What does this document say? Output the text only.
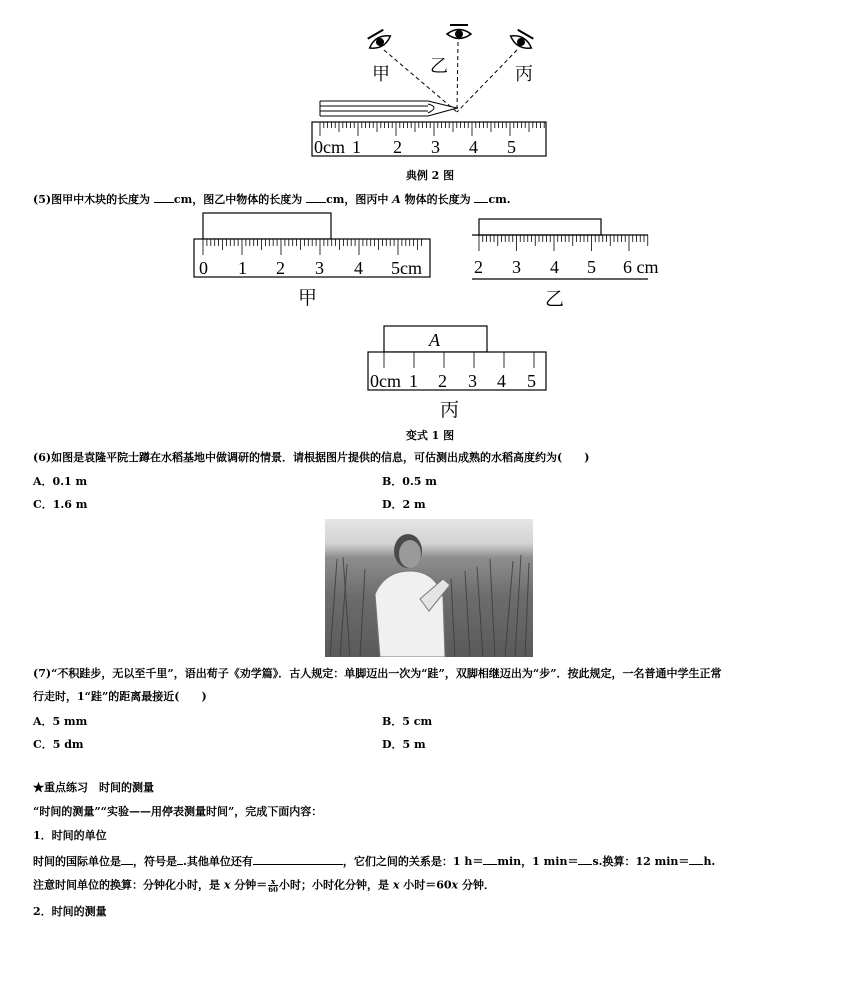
甲 乙	丙
0cm 1 2 3 4 5
典例 2 图
(5)图甲中木块的长度为 cm，图乙中物体的长度为 cm，图丙中 A 物体的长度为 cm.
0 1 2 3 4 5cm
甲
2 3 4 5 6 cm
乙
A
0cm 1 2 3 4 5
丙
变式 1 图
(6)如图是袁隆平院士蹲在水稻基地中做调研的情景．请根据图片提供的信息，可估测出成熟的水稻高度约为(　　)
A．0.1 m	B．0.5 m
C．1.6 m	D．2 m
(7)“不积跬步，无以至千里”，语出荀子《劝学篇》．古人规定：单脚迈出一次为“跬”，双脚相继迈出为“步”．按此规定，一名普通中学生正常
行走时，1“跬”的距离最接近(　　)
A．5 mm	B．5 cm
C．5 dm	D．5 m
★重点练习　时间的测量
“时间的测量”“实验——用停表测量时间”，完成下面内容：
1．时间的单位
时间的国际单位是 ，符号是 .其他单位还有	，它们之间的关系是：1 h＝ min，1 min＝ s.换算：12 min＝ h.
注意时间单位的换算：分钟化小时，是 x 分钟＝ $\frac{x}{60}$ 小时；小时化分钟，是 x 小时＝60x 分钟．
2．时间的测量
